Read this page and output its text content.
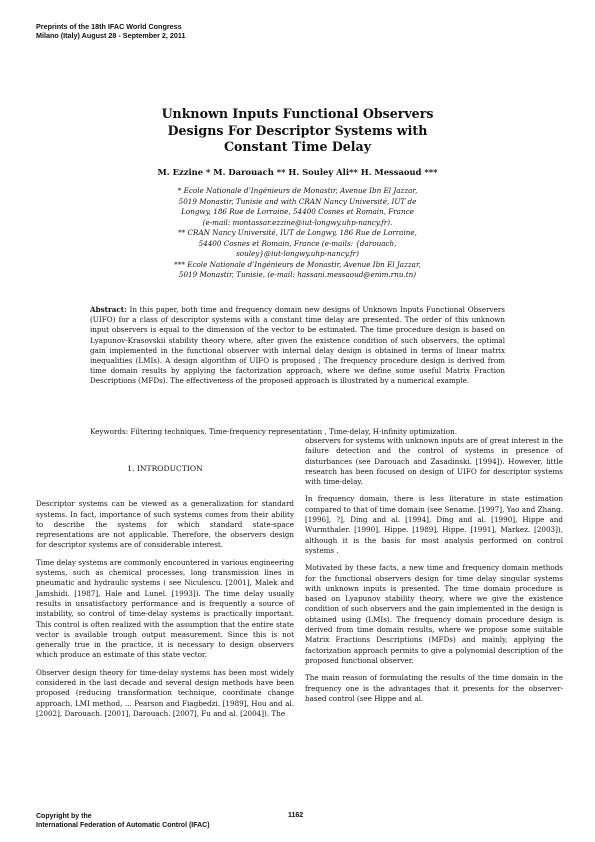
Preprints of the 18th IFAC World Congress
Milano (Italy) August 28 - September 2, 2011
Unknown Inputs Functional Observers
Designs For Descriptor Systems with
Constant Time Delay
M. Ezzine * M. Darouach ** H. Souley Ali** H. Messaoud ***
* Ecole Nationale d’Ingénieurs de Monastir, Avenue Ibn El Jazzar,
5019 Monastir, Tunisie and with CRAN Nancy Université, IUT de
Longwy, 186 Rue de Lorraine, 54400 Cosnes et Romain, France
(e-mail: montassar.ezzine@iut-longwy.uhp-nancy.fr).
** CRAN Nancy Université, IUT de Longwy, 186 Rue de Lorraine,
54400 Cosnes et Romain, France (e-mails: {darouach,
souley}@iut-longwy.uhp-nancy.fr)
*** Ecole Nationale d’Ingénieurs de Monastir, Avenue Ibn El Jazzar,
5019 Monastir, Tunisie, (e-mail: hassani.messaoud@enim.rnu.tn)
Abstract: In this paper, both time and frequency domain new designs of Unknown Inputs Functional Observers (UIFO) for a class of descriptor systems with a constant time delay are presented. The order of this unknown input observers is equal to the dimension of the vector to be estimated. The time procedure design is based on Lyapunov-Krasovskii stability theory where, after given the existence condition of such observers, the optimal gain implemented in the functional observer with internal delay design is obtained in terms of linear matrix inequalities (LMIs). A design algorithm of UIFO is proposed ; The frequency procedure design is derived from time domain results by applying the factorization approach, where we define some useful Matrix Fraction Descriptions (MFDs). The effectiveness of the proposed approach is illustrated by a numerical example.
Keywords: Filtering techniques, Time-frequency representation , Time-delay, H-infinity optimization.

1. INTRODUCTION

Descriptor systems can be viewed as a generalization for standard systems. In fact, importance of such systems comes from their ability to describe the systems for which standard state-space representations are not applicable. Therefore, the observers design for descriptor systems are of considerable interest.

Time delay systems are commonly encountered in various engineering systems, such as chemical processes, long transmission lines in pneumatic and hydraulic systems ( see Niculescu. [2001], Malek and Jamshidi. [1987], Hale and Lunel. [1993]). The time delay usually results in unsatisfactory performance and is frequently a source of instability, so control of time-delay systems is practically important. This control is often realized with the assumption that the entire state vector is available trough output measurement. Since this is not generally true in the practice, it is necessary to design observers which produce an estimate of this state vector.

Observer design theory for time-delay systems has been most widely considered in the last decade and several design methods have been proposed (reducing transformation technique, coordinate change approach, LMI method, ... Pearson and Fiagbedzi. [1989], Hou and al. [2002], Darouach. [2001], Darouach. [2007], Fu and al. [2004]). The

observers for systems with unknown inputs are of great interest in the failure detection and the control of systems in presence of disturbances (see Darouach and Zasadinski. [1994]). However, little research has been focused on design of UIFO for descriptor systems with time-delay.

In frequency domain, there is less literature in state estimation compared to that of time domain (see Sename. [1997], Yao and Zhang. [1996], ?], Ding and al. [1994], Ding and al. [1990], Hippe and Wurmthaler. [1990], Hippe. [1989], Hippe. [1991], Markez. [2003]), although it is the basis for most analysis performed on control systems .

Motivated by these facts, a new time and frequency domain methods for the functional observers design for time delay singular systems with unknown inputs is presented. The time domain procedure is based on Lyapunov stability theory, where we give the existence condition of such observers and the gain implemented in the design is obtained using (LMIs). The frequency domain procedure design is derived from time domain results, where we propose some suitable Matrix Fractions Descriptions (MFDs) and mainly, applying the factorization approach permits to give a polynomial description of the proposed functional observer.

The main reason of formulating the results of the time domain in the frequency one is the advantages that it presents for the observer-based control (see Hippe and al.

Copyright by the
International Federation of Automatic Control (IFAC)
1162
